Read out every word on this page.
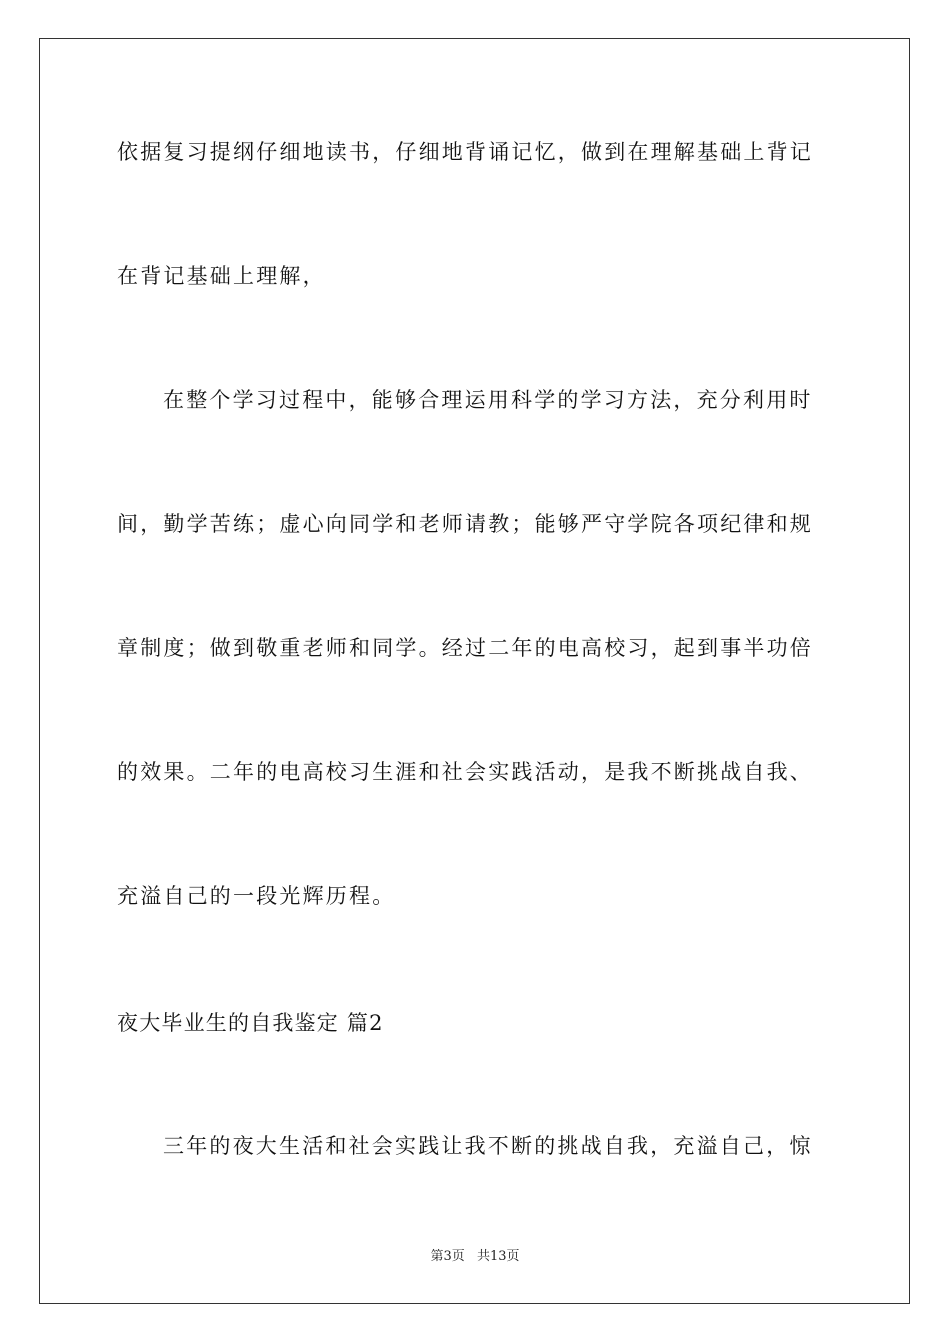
依据复习提纲仔细地读书，仔细地背诵记忆，做到在理解基础上背记
在背记基础上理解，
在整个学习过程中，能够合理运用科学的学习方法，充分利用时
间，勤学苦练；虚心向同学和老师请教；能够严守学院各项纪律和规
章制度；做到敬重老师和同学。经过二年的电高校习，起到事半功倍
的效果。二年的电高校习生涯和社会实践活动，是我不断挑战自我、
充溢自己的一段光辉历程。
夜大毕业生的自我鉴定 篇2
三年的夜大生活和社会实践让我不断的挑战自我，充溢自己，惊
第3页 共13页
